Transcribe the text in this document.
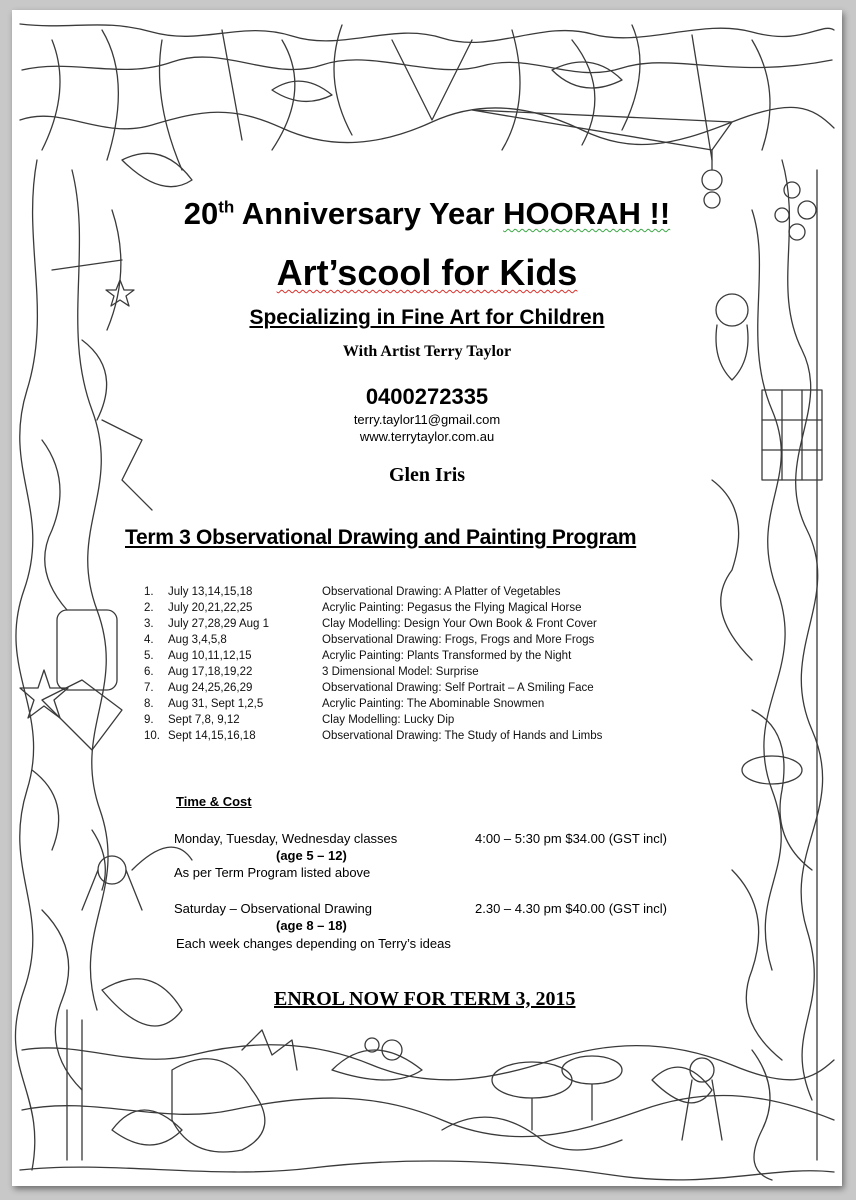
20th Anniversary Year HOORAH !!
Art’scool for Kids
Specializing in Fine Art for Children
With Artist Terry Taylor
0400272335
terry.taylor11@gmail.com
www.terrytaylor.com.au
Glen Iris
Term 3 Observational Drawing and Painting Program
1. July 13,14,15,18	Observational Drawing: A Platter of Vegetables
2. July 20,21,22,25	Acrylic Painting: Pegasus the Flying Magical Horse
3. July 27,28,29 Aug 1	Clay Modelling: Design Your Own Book & Front Cover
4. Aug 3,4,5,8	Observational Drawing: Frogs, Frogs and More Frogs
5. Aug 10,11,12,15	Acrylic Painting: Plants Transformed by the Night
6. Aug 17,18,19,22	3 Dimensional Model: Surprise
7. Aug 24,25,26,29	Observational Drawing: Self Portrait – A Smiling Face
8. Aug 31, Sept 1,2,5	Acrylic Painting: The Abominable Snowmen
9. Sept 7,8, 9,12	Clay Modelling: Lucky Dip
10. Sept 14,15,16,18	Observational Drawing: The Study of Hands and Limbs
Time & Cost
Monday, Tuesday, Wednesday classes	4:00 – 5:30 pm $34.00 (GST incl)
(age 5 – 12)
As per Term Program listed above
Saturday – Observational Drawing	2.30 – 4.30 pm $40.00 (GST incl)
(age 8 – 18)
Each week changes depending on Terry’s ideas
ENROL NOW FOR TERM 3, 2015
